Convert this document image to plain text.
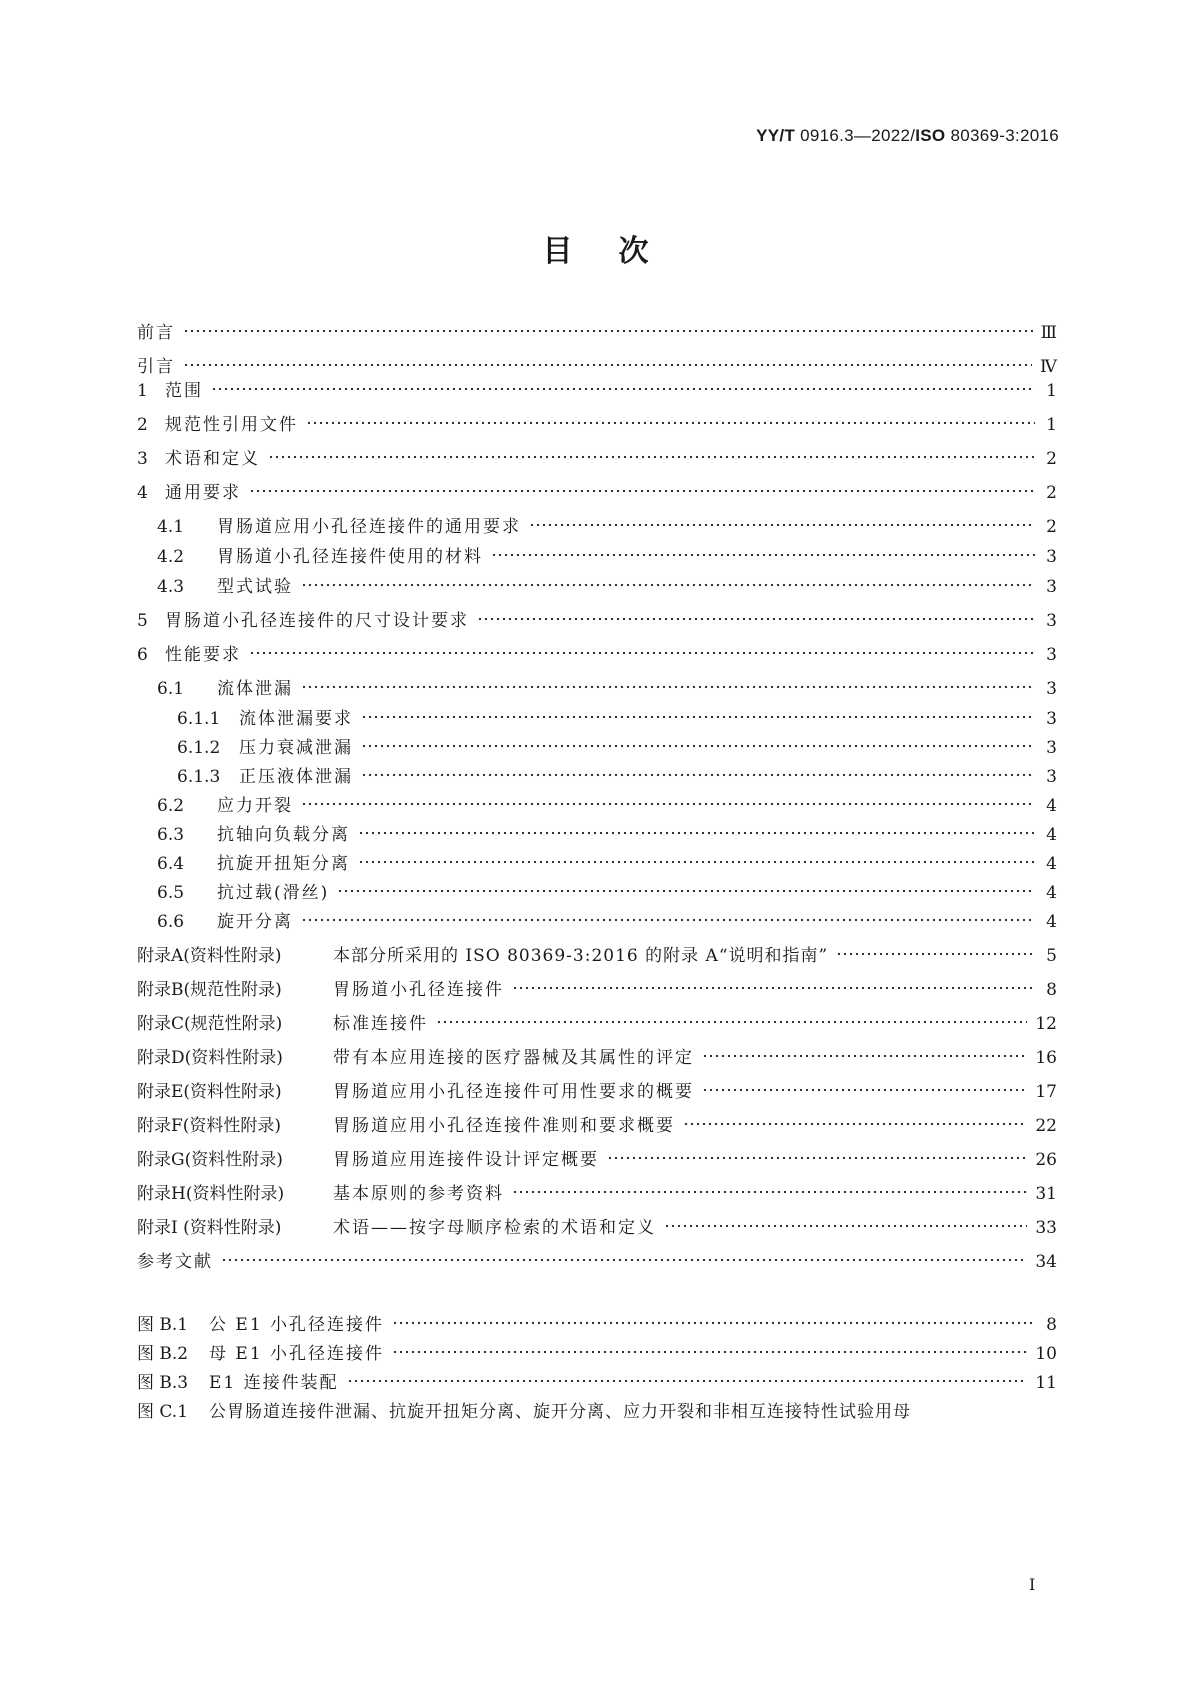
YY/T 0916.3—2022/ISO 80369-3:2016
目次
前言	Ⅲ
引言	Ⅳ
1	范围	1
2	规范性引用文件	1
3	术语和定义	2
4	通用要求	2
4.1	胃肠道应用小孔径连接件的通用要求	2
4.2	胃肠道小孔径连接件使用的材料	3
4.3	型式试验	3
5	胃肠道小孔径连接件的尺寸设计要求	3
6	性能要求	3
6.1	流体泄漏	3
6.1.1	流体泄漏要求	3
6.1.2	压力衰减泄漏	3
6.1.3	正压液体泄漏	3
6.2	应力开裂	4
6.3	抗轴向负载分离	4
6.4	抗旋开扭矩分离	4
6.5	抗过载(滑丝)	4
6.6	旋开分离	4
附录A(资料性附录)	本部分所采用的 ISO 80369-3:2016 的附录 A“说明和指南”	5
附录B(规范性附录)	胃肠道小孔径连接件	8
附录C(规范性附录)	标准连接件	12
附录D(资料性附录)	带有本应用连接的医疗器械及其属性的评定	16
附录E(资料性附录)	胃肠道应用小孔径连接件可用性要求的概要	17
附录F(资料性附录)	胃肠道应用小孔径连接件准则和要求概要	22
附录G(资料性附录)	胃肠道应用连接件设计评定概要	26
附录H(资料性附录)	基本原则的参考资料	31
附录I (资料性附录)	术语——按字母顺序检索的术语和定义	33
参考文献	34
图 B.1	公 E1 小孔径连接件	8
图 B.2	母 E1 小孔径连接件	10
图 B.3	E1 连接件装配	11
图 C.1	公胃肠道连接件泄漏、抗旋开扭矩分离、旋开分离、应力开裂和非相互连接特性试验用母
I
